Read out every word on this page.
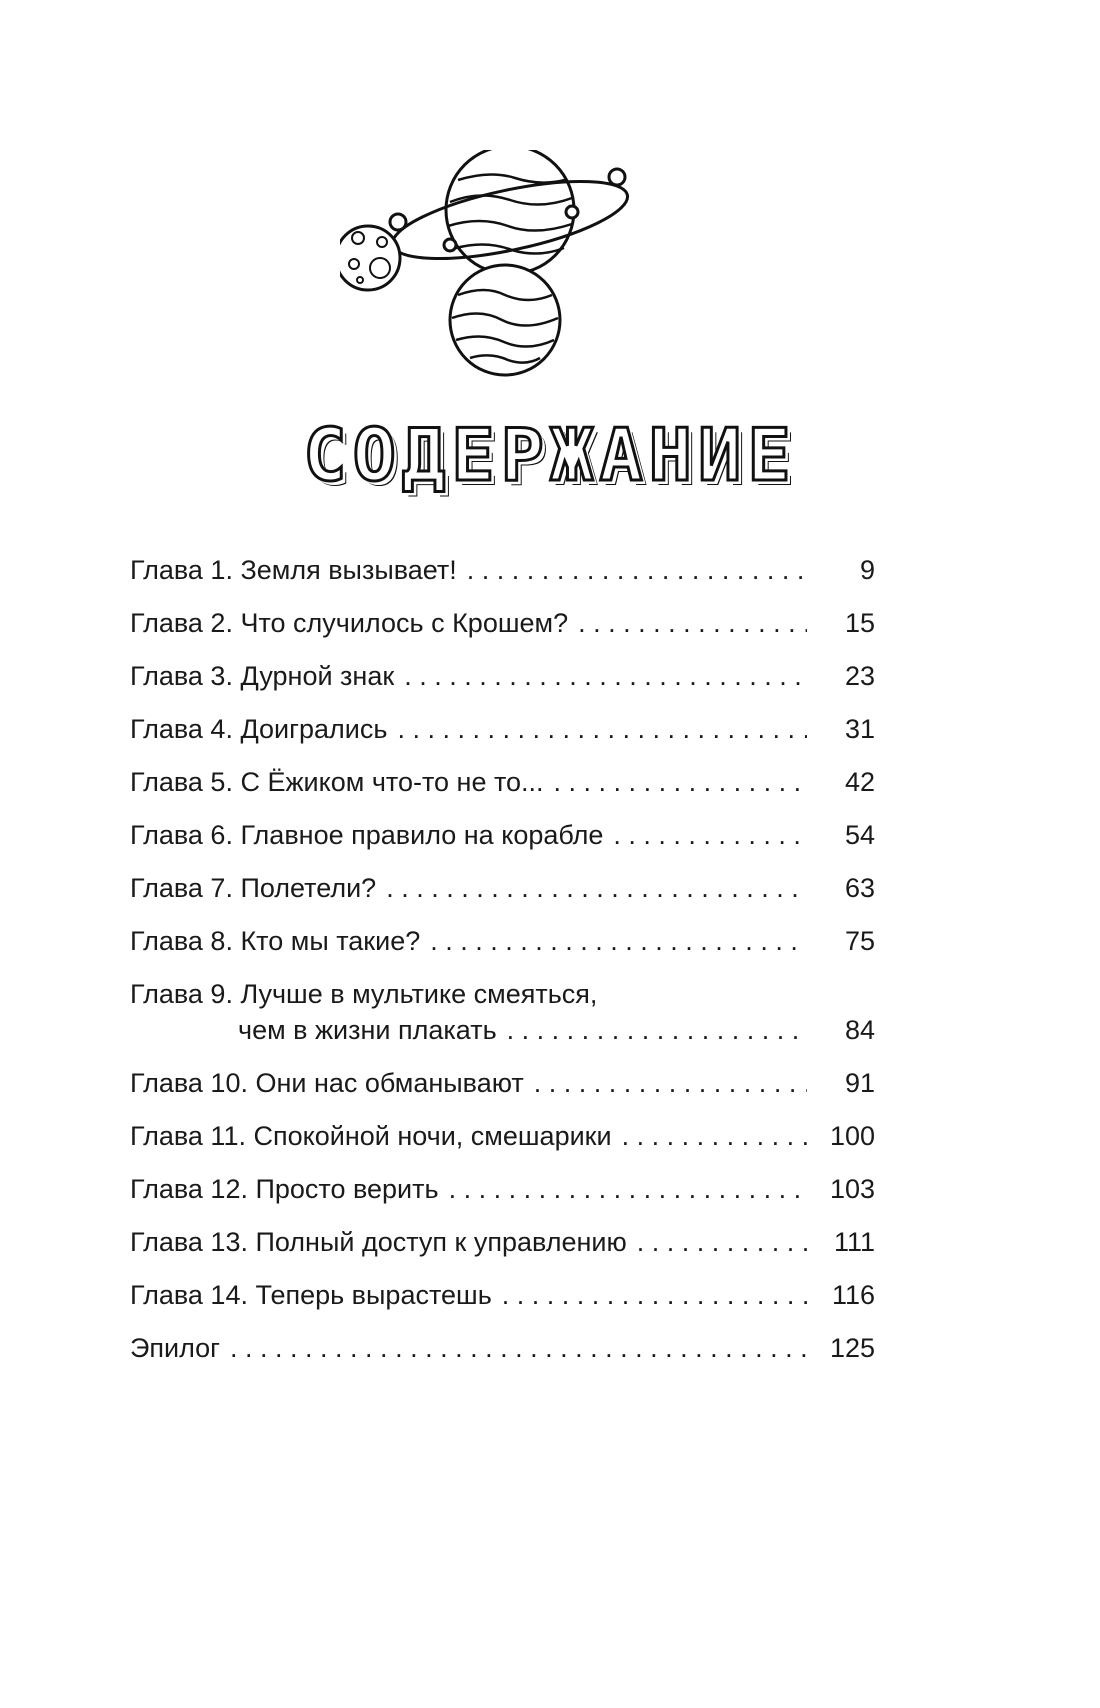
СОДЕРЖАНИЕ
Глава 1. Земля вызывает! . . .	9
Глава 2. Что случилось с Крошем? . . .	15
Глава 3. Дурной знак . . .	23
Глава 4. Доигрались . . .	31
Глава 5. С Ёжиком что-то не то... . . .	42
Глава 6. Главное правило на корабле . . .	54
Глава 7. Полетели? . . .	63
Глава 8. Кто мы такие? . . .	75
Глава 9. Лучше в мультике смеяться,
чем в жизни плакать . . .	84
Глава 10. Они нас обманывают . . .	91
Глава 11. Спокойной ночи, смешарики . . .	100
Глава 12. Просто верить . . .	103
Глава 13. Полный доступ к управлению . . .	111
Глава 14. Теперь вырастешь . . .	116
Эпилог . . .	125
